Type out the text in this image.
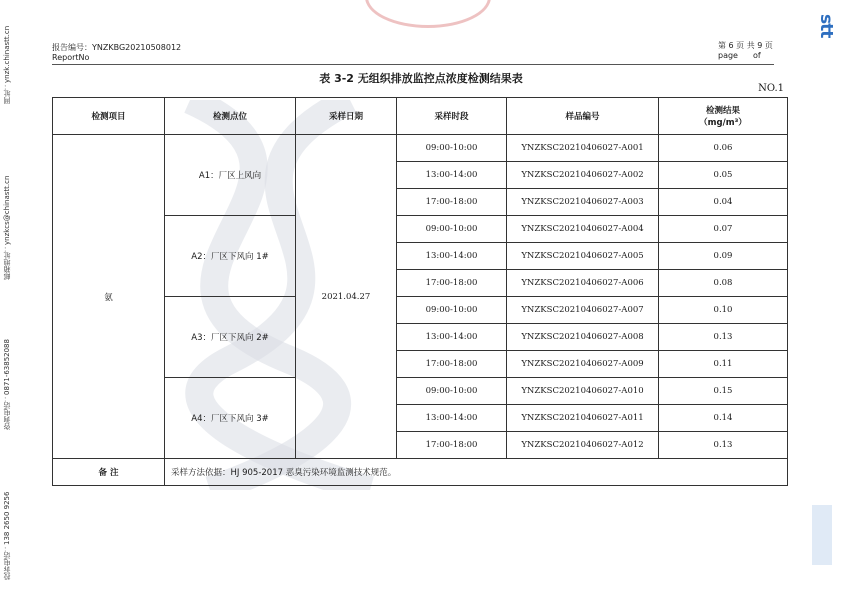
网址：ynzk.chinastt.cn
邮箱地址：ynzkcs@chinastt.cn
咨询电话：0871-63852088
投诉电话：138 2650 9256
报告编号：YNZKBG20210508012
ReportNo
第 6 页 共 9 页
page of
stt
表 3-2 无组织排放监控点浓度检测结果表
NO.1
检测项目	检测点位	采样日期	采样时段	样品编号	检测结果
（mg/m³）

氨	A1：厂区上风向	2021.04.27	09:00-10:00	YNZKSC20210406027-A001	0.06
			13:00-14:00	YNZKSC20210406027-A002	0.05
			17:00-18:00	YNZKSC20210406027-A003	0.04
	A2：厂区下风向 1#		09:00-10:00	YNZKSC20210406027-A004	0.07
			13:00-14:00	YNZKSC20210406027-A005	0.09
			17:00-18:00	YNZKSC20210406027-A006	0.08
	A3：厂区下风向 2#		09:00-10:00	YNZKSC20210406027-A007	0.10
			13:00-14:00	YNZKSC20210406027-A008	0.13
			17:00-18:00	YNZKSC20210406027-A009	0.11
	A4：厂区下风向 3#		09:00-10:00	YNZKSC20210406027-A010	0.15
			13:00-14:00	YNZKSC20210406027-A011	0.14
			17:00-18:00	YNZKSC20210406027-A012	0.13
备 注	采样方法依据：HJ 905-2017 恶臭污染环境监测技术规范。				
